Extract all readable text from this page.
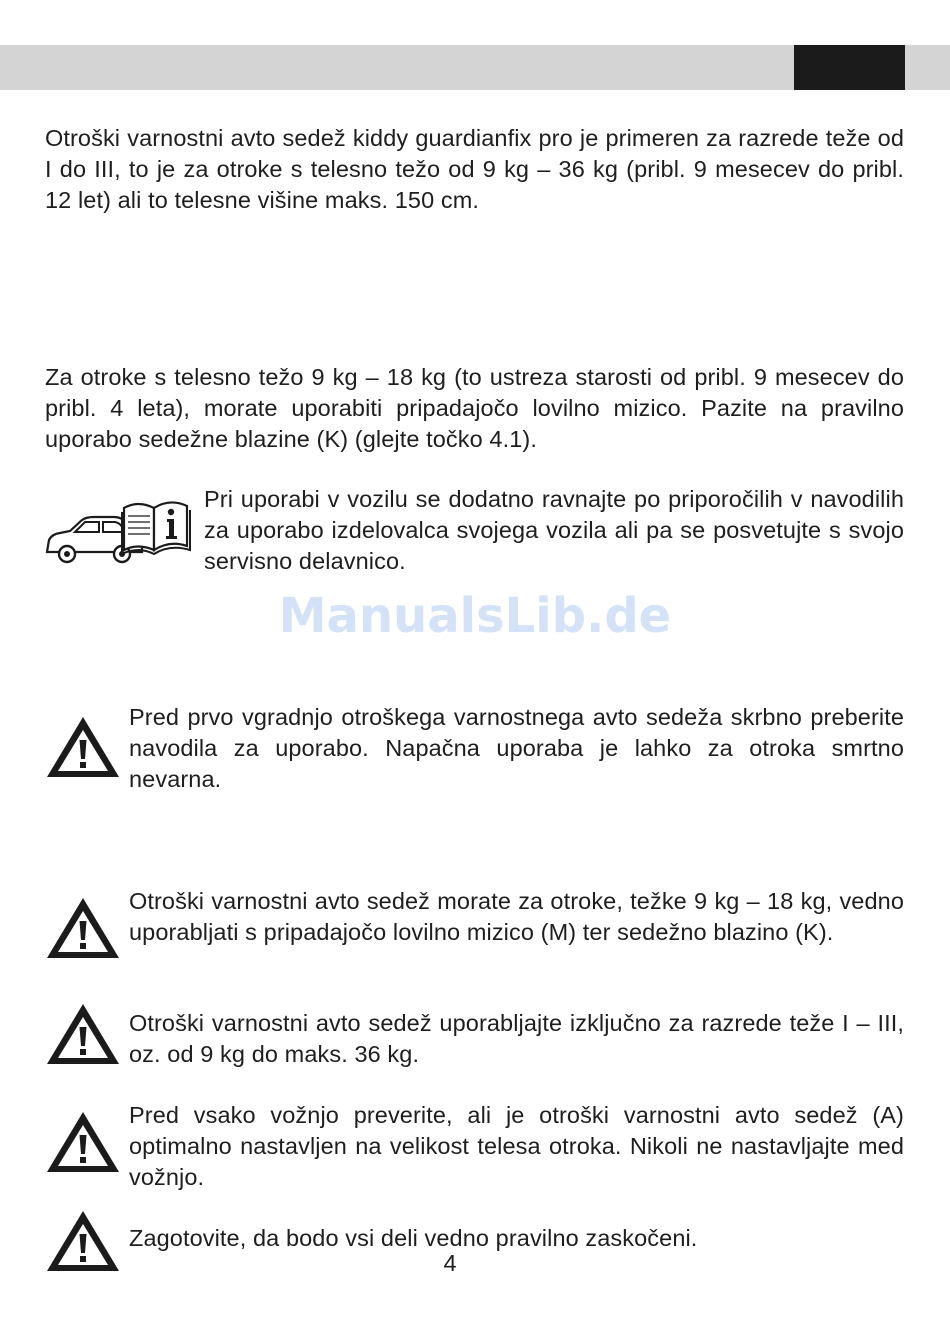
Otroški varnostni avto sedež kiddy guardianfix pro je primeren za razrede teže od I do III, to je za otroke s telesno težo od 9 kg – 36 kg (pribl. 9 mesecev do pribl. 12 let) ali to telesne višine maks. 150 cm.

Za otroke s telesno težo 9 kg – 18 kg (to ustreza starosti od pribl. 9 mesecev do pribl. 4 leta), morate uporabiti pripadajočo lovilno mizico. Pazite na pravilno uporabo sedežne blazine (K) (glejte točko 4.1).

Pri uporabi v vozilu se dodatno ravnajte po priporočilih v navodilih za uporabo izdelovalca svojega vozila ali pa se posvetujte s svojo servisno delavnico.

ManualsLib.de

Pred prvo vgradnjo otroškega varnostnega avto sedeža skrbno preberite navodila za uporabo. Napačna uporaba je lahko za otroka smrtno nevarna.

Otroški varnostni avto sedež morate za otroke, težke 9 kg – 18 kg, vedno uporabljati s pripadajočo lovilno mizico (M) ter sedežno blazino (K).

Otroški varnostni avto sedež uporabljajte izključno za razrede teže I – III, oz. od 9 kg do maks. 36 kg.

Pred vsako vožnjo preverite, ali je otroški varnostni avto sedež (A) optimalno nastavljen na velikost telesa otroka. Nikoli ne nastavljajte med vožnjo.

Zagotovite, da bodo vsi deli vedno pravilno zaskočeni.

4
